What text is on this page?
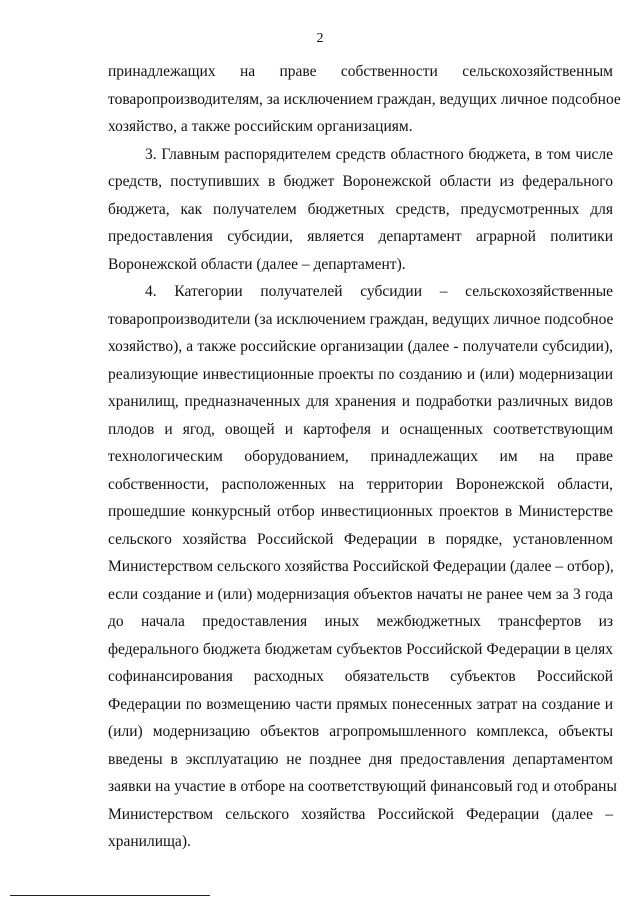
2
принадлежащих на праве собственности сельскохозяйственным
товаропроизводителям, за исключением граждан, ведущих личное подсобное
хозяйство, а также российским организациям.
3. Главным распорядителем средств областного бюджета, в том числе
средств, поступивших в бюджет Воронежской области из федерального
бюджета, как получателем бюджетных средств, предусмотренных для
предоставления субсидии, является департамент аграрной политики
Воронежской области (далее – департамент).
4. Категории получателей субсидии – сельскохозяйственные
товаропроизводители (за исключением граждан, ведущих личное подсобное
хозяйство), а также российские организации (далее - получатели субсидии),
реализующие инвестиционные проекты по созданию и (или) модернизации
хранилищ, предназначенных для хранения и подработки различных видов
плодов и ягод, овощей и картофеля и оснащенных соответствующим
технологическим оборудованием, принадлежащих им на праве
собственности, расположенных на территории Воронежской области,
прошедшие конкурсный отбор инвестиционных проектов в Министерстве
сельского хозяйства Российской Федерации в порядке, установленном
Министерством сельского хозяйства Российской Федерации (далее – отбор),
если создание и (или) модернизация объектов начаты не ранее чем за 3 года
до начала предоставления иных межбюджетных трансфертов из
федерального бюджета бюджетам субъектов Российской Федерации в целях
софинансирования расходных обязательств субъектов Российской
Федерации по возмещению части прямых понесенных затрат на создание и
(или) модернизацию объектов агропромышленного комплекса, объекты
введены в эксплуатацию не позднее дня предоставления департаментом
заявки на участие в отборе на соответствующий финансовый год и отобраны
Министерством сельского хозяйства Российской Федерации (далее –
хранилища).
